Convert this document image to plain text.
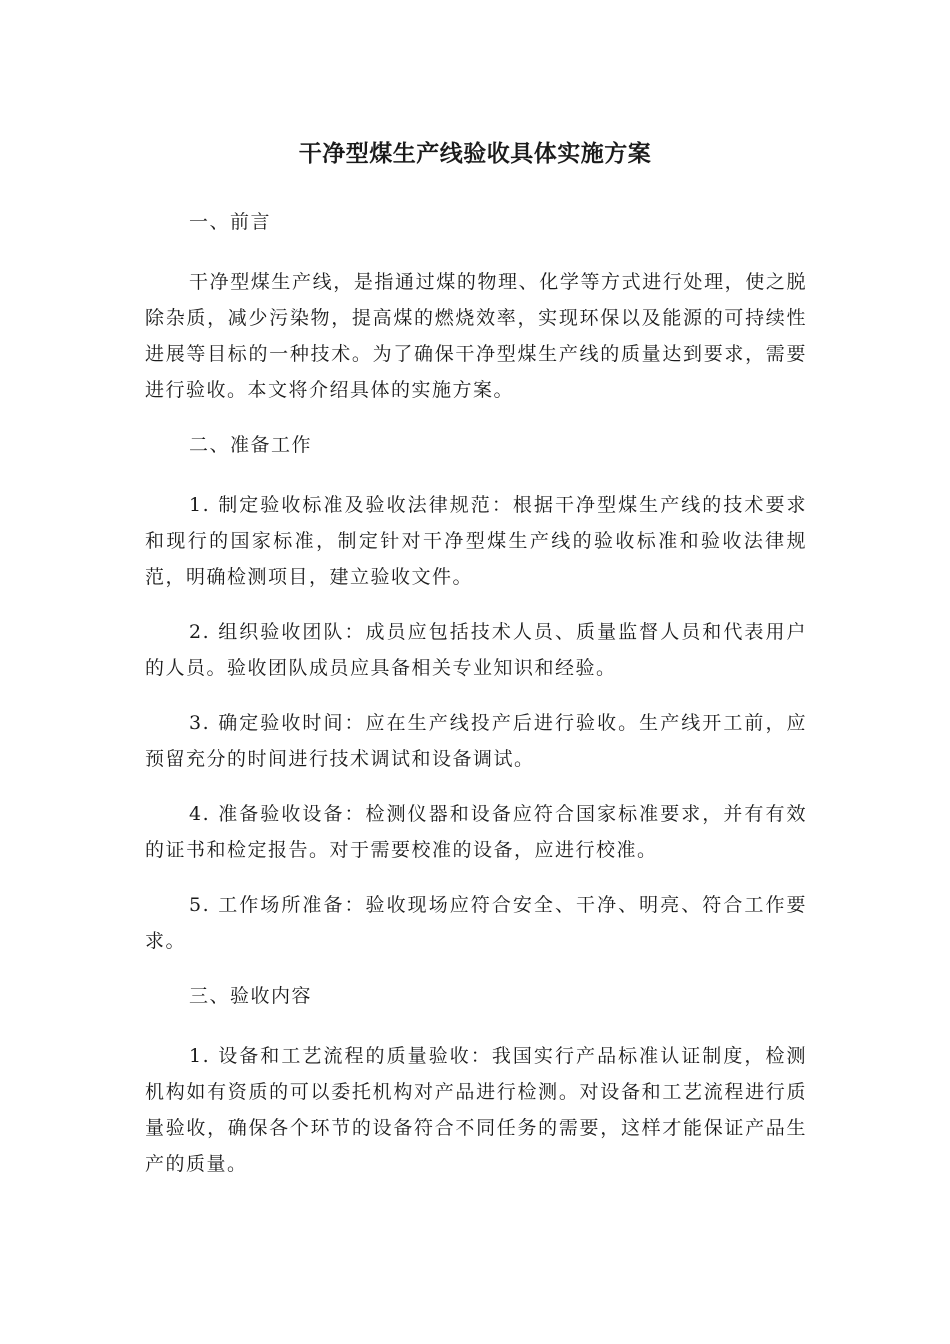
干净型煤生产线验收具体实施方案

一、前言

干净型煤生产线，是指通过煤的物理、化学等方式进行处理，使之脱除杂质，减少污染物，提高煤的燃烧效率，实现环保以及能源的可持续性进展等目标的一种技术。为了确保干净型煤生产线的质量达到要求，需要进行验收。本文将介绍具体的实施方案。

二、准备工作

1. 制定验收标准及验收法律规范：根据干净型煤生产线的技术要求和现行的国家标准，制定针对干净型煤生产线的验收标准和验收法律规范，明确检测项目，建立验收文件。

2. 组织验收团队：成员应包括技术人员、质量监督人员和代表用户的人员。验收团队成员应具备相关专业知识和经验。

3. 确定验收时间：应在生产线投产后进行验收。生产线开工前，应预留充分的时间进行技术调试和设备调试。

4. 准备验收设备：检测仪器和设备应符合国家标准要求，并有有效的证书和检定报告。对于需要校准的设备，应进行校准。

5. 工作场所准备：验收现场应符合安全、干净、明亮、符合工作要求。

三、验收内容

1. 设备和工艺流程的质量验收：我国实行产品标准认证制度，检测机构如有资质的可以委托机构对产品进行检测。对设备和工艺流程进行质量验收，确保各个环节的设备符合不同任务的需要，这样才能保证产品生产的质量。
